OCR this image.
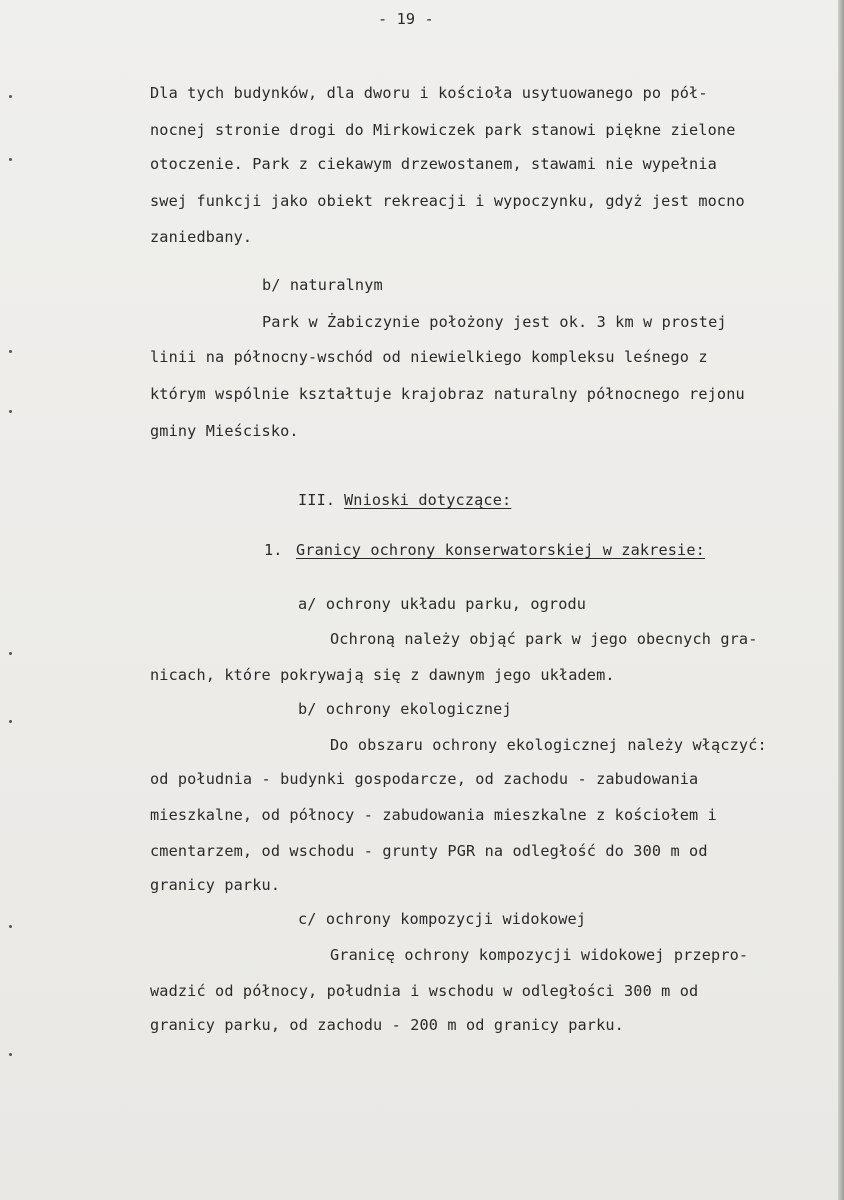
- 19 -
Dla tych budynków, dla dworu i kościoła usytuowanego po pół-
nocnej stronie drogi do Mirkowiczek park stanowi piękne zielone
otoczenie. Park z ciekawym drzewostanem, stawami nie wypełnia
swej funkcji jako obiekt rekreacji i wypoczynku, gdyż jest mocno
zaniedbany.
b/ naturalnym
Park w Żabiczynie położony jest ok. 3 km w prostej
linii na północny-wschód od niewielkiego kompleksu leśnego z
którym wspólnie kształtuje krajobraz naturalny północnego rejonu
gminy Mieścisko.
III. Wnioski dotyczące:
1. Granicy ochrony konserwatorskiej w zakresie:
a/ ochrony układu parku, ogrodu
Ochroną należy objąć park w jego obecnych gra-
nicach, które pokrywają się z dawnym jego układem.
b/ ochrony ekologicznej
Do obszaru ochrony ekologicznej należy włączyć:
od południa - budynki gospodarcze, od zachodu - zabudowania
mieszkalne, od północy - zabudowania mieszkalne z kościołem i
cmentarzem, od wschodu - grunty PGR na odległość do 300 m od
granicy parku.
c/ ochrony kompozycji widokowej
Granicę ochrony kompozycji widokowej przepro-
wadzić od północy, południa i wschodu w odległości 300 m od
granicy parku, od zachodu - 200 m od granicy parku.
